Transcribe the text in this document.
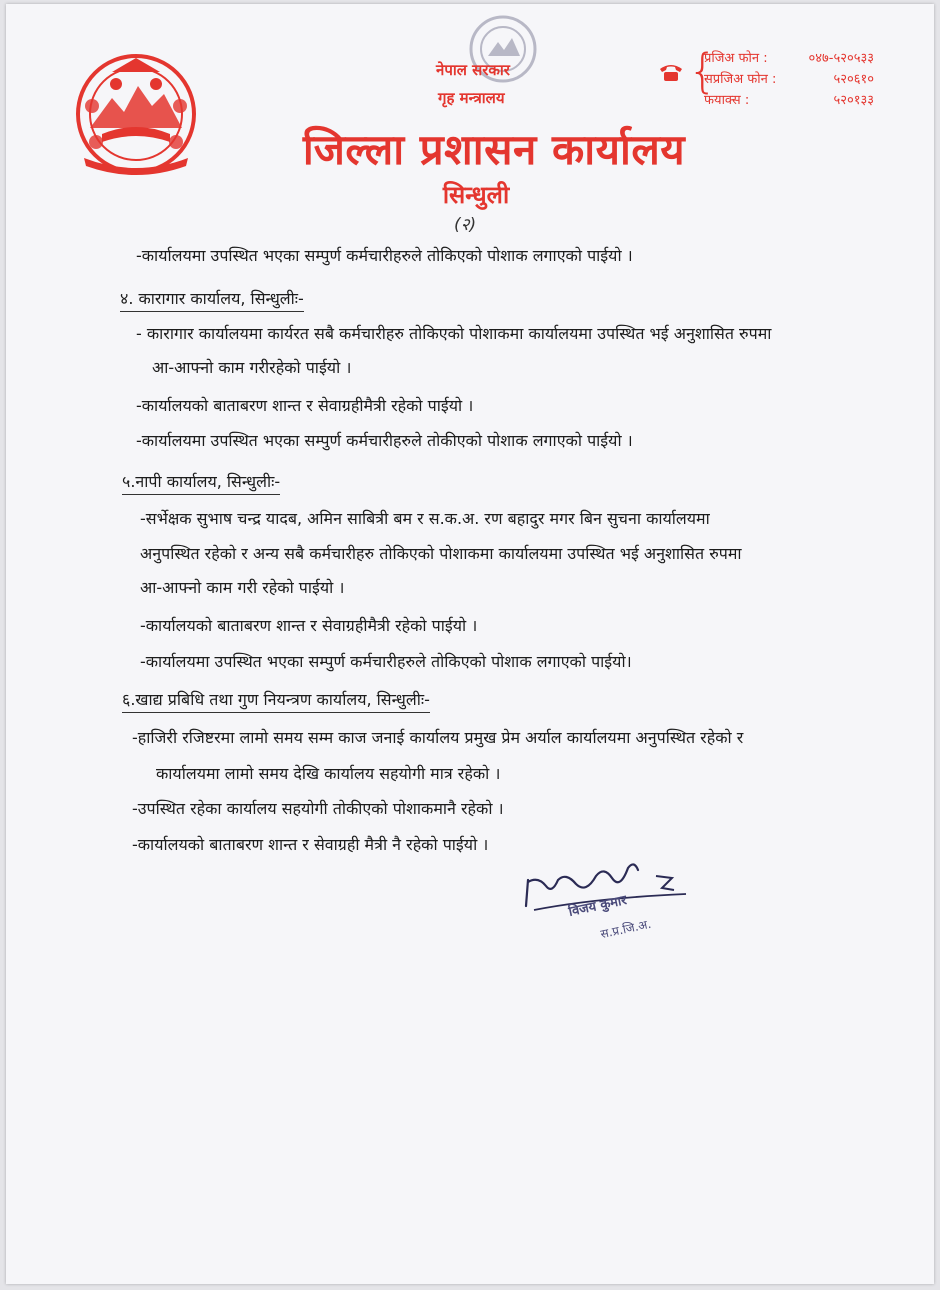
नेपाल सरकार
गृह मन्त्रालय	{
प्रजिअ फोन :	०४७-५२०५३३
सप्रजिअ फोन :	५२०६१०
फयाक्स :	५२०१३३
जिल्ला प्रशासन कार्यालय
सिन्धुली
(२)
-कार्यालयमा उपस्थित भएका सम्पुर्ण कर्मचारीहरुले तोकिएको पोशाक लगाएको पाईयो ।
४. कारागार कार्यालय, सिन्धुलीः-
- कारागार कार्यालयमा कार्यरत सबै कर्मचारीहरु तोकिएको पोशाकमा कार्यालयमा उपस्थित भई अनुशासित रुपमा
आ-आफ्नो काम गरीरहेको पाईयो ।
-कार्यालयको बाताबरण शान्त र सेवाग्रहीमैत्री रहेको पाईयो ।
-कार्यालयमा उपस्थित भएका सम्पुर्ण कर्मचारीहरुले तोकीएको पोशाक लगाएको पाईयो ।
५.नापी कार्यालय, सिन्धुलीः-
-सर्भेक्षक सुभाष चन्द्र यादब, अमिन साबित्री बम र स.क.अ. रण बहादुर मगर बिन सुचना कार्यालयमा
अनुपस्थित रहेको र अन्य सबै कर्मचारीहरु तोकिएको पोशाकमा कार्यालयमा उपस्थित भई अनुशासित रुपमा
आ-आफ्नो काम गरी रहेको पाईयो ।
-कार्यालयको बाताबरण शान्त र सेवाग्रहीमैत्री रहेको पाईयो ।
-कार्यालयमा उपस्थित भएका सम्पुर्ण कर्मचारीहरुले तोकिएको पोशाक लगाएको पाईयो।
६.खाद्य प्रबिधि तथा गुण नियन्त्रण कार्यालय, सिन्धुलीः-
-हाजिरी रजिष्टरमा लामो समय सम्म काज जनाई कार्यालय प्रमुख प्रेम अर्याल कार्यालयमा अनुपस्थित रहेको र
कार्यालयमा लामो समय देखि कार्यालय सहयोगी मात्र रहेको ।
-उपस्थित रहेका कार्यालय सहयोगी तोकीएको पोशाकमानै रहेको ।
-कार्यालयको बाताबरण शान्त र सेवाग्रही मैत्री नै रहेको पाईयो ।
विजय कुमार
स.प्र.जि.अ.
